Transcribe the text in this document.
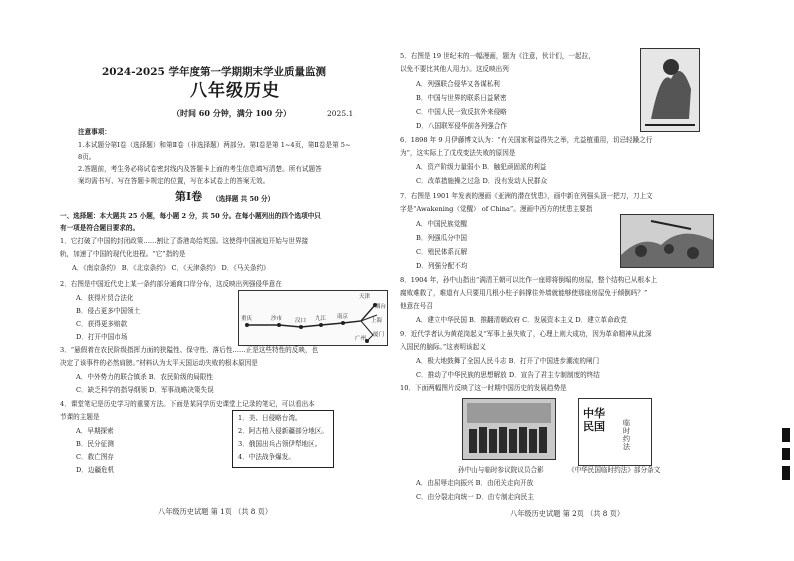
2024-2025 学年度第一学期期末学业质量监测
八年级历史
（时间 60 分钟，满分 100 分）	2025.1
注意事项：
1.本试题分第Ⅰ卷（选择题）和第Ⅱ卷（非选择题）两部分。第Ⅰ卷是第 1~4页，第Ⅱ卷是第 5~
8页。
2.答题前，考生务必将试卷密封线内及答题卡上面的考生信息填写清楚。所有试题答
案均需书写、写在答题卡规定的位置，写在本试卷上的答案无效。
第Ⅰ卷 （选择题 共 50 分）
一、选择题：本大题共 25 小题，每小题 2 分，共 50 分。在每小题列出的四个选项中只
有一项是符合题目要求的。
1．它打破了中国的封闭政策……割让了香港岛给英国。这使得中国被迫开始与世界接
轨，加速了中国的现代化进程。“它”指的是
A．《南京条约》 B．《北京条约》 C．《天津条约》 D．《马关条约》
2．右图是中国近代史上某一条约部分通商口岸分布，这反映出列强侵华意在
A．获得片贸合法化
B．侵占更多中国领土
C．获得更多赔款
D．打开中国市场
3．“悬假着在农民阶级指挥力面的狭隘性、保守性、落后性……正是这些特性的反映，也
决定了该事件的必然肩膀。”材料认为太平天国运动失败的根本原因是
A．中外势力的联合镇杀 B．农民阶级的局限性
C．缺乏科学的指导纲领 D．军事战略决策失误
4．课堂笔记是历史学习的重要方法。下面是某同学历史课堂上记录的笔记，可以看出本
节课的主题是
A．早期探索
B．民分征测
C．救亡图存
D．边疆危机
天津
烟台
重庆	沙市 汉口 九江 南京
上海
厦门
广州
1．美、日侵略台湾。
2．阿古柏入侵新疆部分地区。
3．俄国出兵占领伊犁地区。
4．中法战争爆发。
八年级历史试题 第 1页 （共 8 页）
5．右图是 19 世纪末的一幅漫画，题为《注意，伙计们，一起拉，
以免不要比其他人用力》。这反映出列
A．列强联合侵华又各谋私利
B．中国与世界的联系日益紧密
C．中国人民一致反抗外来侵略
D．八国联军侵华前各列强合作
6．1898 年 9 月伊藤博文认为：“有关国家利益得失之举，尤益植重用，切忌轻躁之行
为”，这实际上了戊戌变法失败的原因是
A．资产阶级力量弱小 B．触犯顽固派的利益
C．改革措施操之过急 D．没有发动人民群众
7．右图是 1901 年发表的漫画《亚洲的潜在忧患》，画中新在列强头顶一把刀，刀上文
字是“Awakening（觉醒） of China”。漫画中西方的忧患主要指
A．中国民族觉醒
B．列强瓜分中国
C．殖民体系瓦解
D．列强分配不均
8．1904 年，孙中山指出“满清王朝可以比作一座即将倒塌的房屋，整个结构已从根本上
腐败难救了，难道有人只要用几根小柱子斜撑住外墙就能够使那座房屋免于倾倒吗？”
他意在号召
A．建立中华民国 B．推翻清朝政府 C．发展资本主义 D．建立革命政党
9．近代学者认为黄花岗起义“军事上虽失败了，心理上则大成功，因为革命精神从此深
入国民的脑际。”这表明该起义
A．极大地鼓舞了全国人民斗志 B．打开了中国进步潮流的闸门
C．推动了中华民族的思想解放 D．宣告了君主专制制度的终结
10．下面两幅图片反映了这一时期中国历史的发展趋势是
中华民国	临时约法
孙中山与临时参议院议员合影	《中华民国临时约法》部分条文
A．由屈辱走向振兴 B．由闭关走向开放
C．由分裂走向统一 D．由专制走向民主
八年级历史试题 第 2页 （共 8 页）
